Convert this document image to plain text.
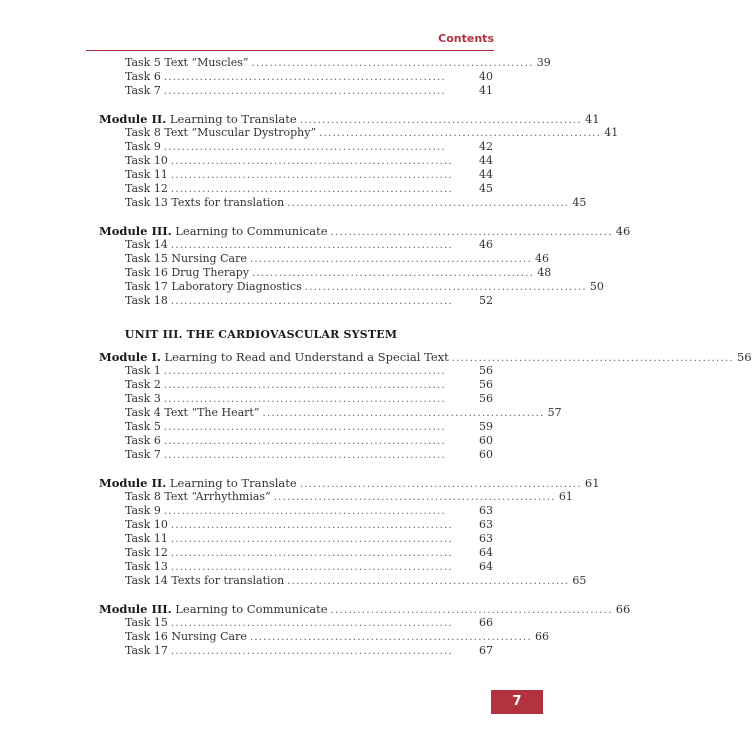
Contents
Task 5 Text “Muscles” ............................................................... 39
Task 6 ...............................................................	40
Task 7 ...............................................................	41
Module II. Learning to Translate ............................................................... 41
Task 8 Text “Muscular Dystrophy” ............................................................... 41
Task 9 ...............................................................	42
Task 10 ...............................................................	44
Task 11 ...............................................................	44
Task 12 ...............................................................	45
Task 13 Texts for translation ............................................................... 45
Module III. Learning to Communicate ............................................................... 46
Task 14 ...............................................................	46
Task 15 Nursing Care ............................................................... 46
Task 16 Drug Therapy ............................................................... 48
Task 17 Laboratory Diagnostics ............................................................... 50
Task 18 ...............................................................	52
UNIT III. THE CARDIOVASCULAR SYSTEM
Module I. Learning to Read and Understand a Special Text ............................................................... 56
Task 1 ...............................................................	56
Task 2 ...............................................................	56
Task 3 ...............................................................	56
Task 4 Text “The Heart” ............................................................... 57
Task 5 ...............................................................	59
Task 6 ...............................................................	60
Task 7 ...............................................................	60
Module II. Learning to Translate ............................................................... 61
Task 8 Text “Arrhythmias” ............................................................... 61
Task 9 ...............................................................	63
Task 10 ...............................................................	63
Task 11 ...............................................................	63
Task 12 ...............................................................	64
Task 13 ...............................................................	64
Task 14 Texts for translation ............................................................... 65
Module III. Learning to Communicate ............................................................... 66
Task 15 ...............................................................	66
Task 16 Nursing Care ............................................................... 66
Task 17 ...............................................................	67
7
